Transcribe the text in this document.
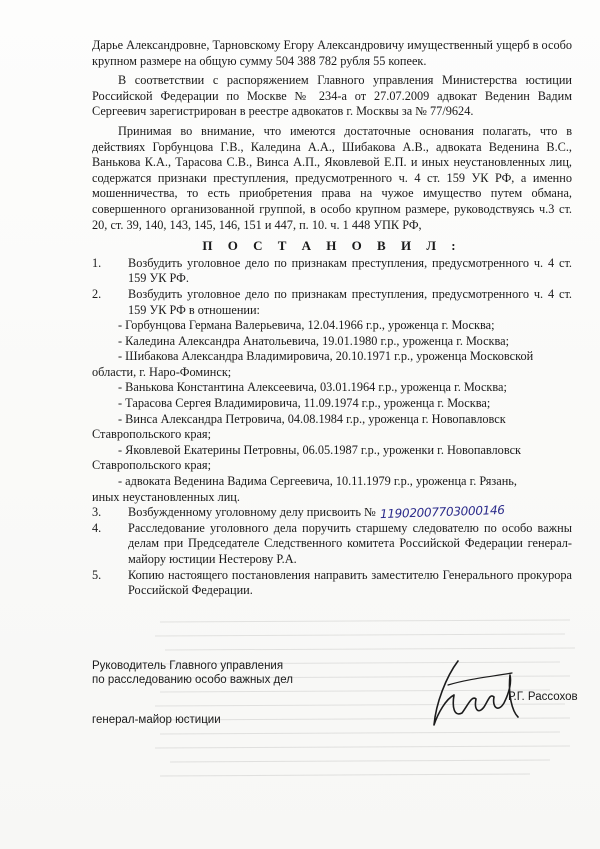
Дарье Александровне, Тарновскому Егору Александровичу имущественный ущерб в особо крупном размере на общую сумму 504 388 782 рубля 55 копеек.

В соответствии с распоряжением Главного управления Министерства юстиции Российской Федерации по Москве № 234-а от 27.07.2009 адвокат Веденин Вадим Сергеевич зарегистрирован в реестре адвокатов г. Москвы за № 77/9624.

Принимая во внимание, что имеются достаточные основания полагать, что в действиях Горбунцова Г.В., Каледина А.А., Шибакова А.В., адвоката Веденина В.С., Ванькова К.А., Тарасова С.В., Винса А.П., Яковлевой Е.П. и иных неустановленных лиц, содержатся признаки преступления, предусмотренного ч. 4 ст. 159 УК РФ, а именно мошенничества, то есть приобретения права на чужое имущество путем обмана, совершенного организованной группой, в особо крупном размере, руководствуясь ч.3 ст. 20, ст. 39, 140, 143, 145, 146, 151 и 447, п. 10. ч. 1 448 УПК РФ,

П О С Т А Н О В И Л :
1.	Возбудить уголовное дело по признакам преступления, предусмотренного ч. 4 ст. 159 УК РФ.
2.	Возбудить уголовное дело по признакам преступления, предусмотренного ч. 4 ст. 159 УК РФ в отношении:

- Горбунцова Германа Валерьевича, 12.04.1966 г.р., уроженца г. Москва;

- Каледина Александра Анатольевича, 19.01.1980 г.р., уроженца г. Москва;

- Шибакова Александра Владимировича, 20.10.1971 г.р., уроженца Московской

области, г. Наро-Фоминск;

- Ванькова Константина Алексеевича, 03.01.1964 г.р., уроженца г. Москва;

- Тарасова Сергея Владимировича, 11.09.1974 г.р., уроженца г. Москва;

- Винса Александра Петровича, 04.08.1984 г.р., уроженца г. Новопавловск

Ставропольского края;

- Яковлевой Екатерины Петровны, 06.05.1987 г.р., уроженки г. Новопавловск

Ставропольского края;

- адвоката Веденина Вадима Сергеевича, 10.11.1979 г.р., уроженца г. Рязань,

иных неустановленных лиц.

3.	Возбужденному уголовному делу присвоить № 11902007703000146
4.	Расследование уголовного дела поручить старшему следователю по особо важны делам при Председателе Следственного комитета Российской Федерации генерал-майору юстиции Нестерову Р.А.
5.	Копию настоящего постановления направить заместителю Генерального прокурора Российской Федерации.
Руководитель Главного управления
по расследованию особо важных дел
генерал-майор юстиции
Р.Г. Рассохов
